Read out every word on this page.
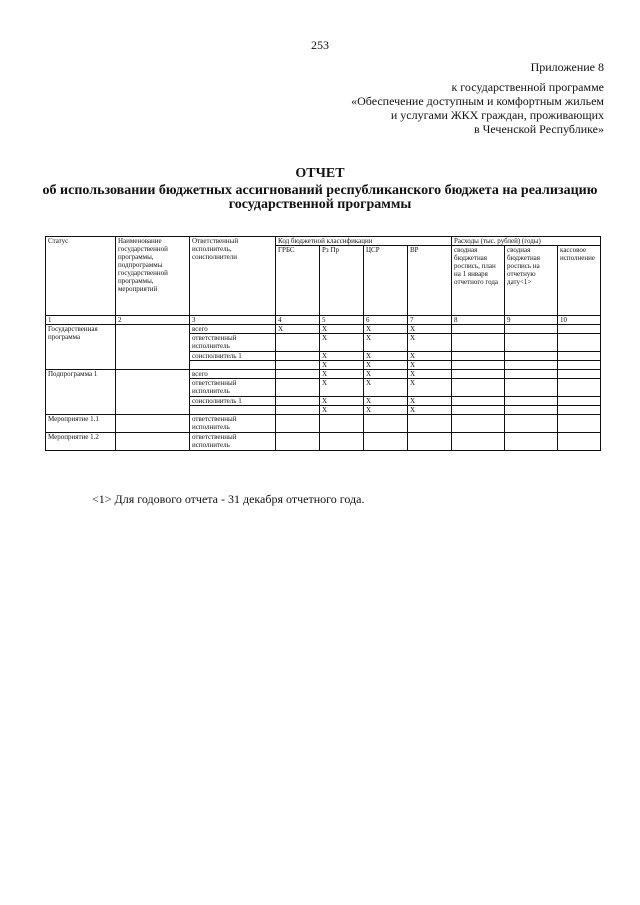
253
Приложение 8
к государственной программе
«Обеспечение доступным и комфортным жильем
и услугами ЖКХ граждан, проживающих
в Чеченской Республике»
ОТЧЕТ
об использовании бюджетных ассигнований республиканского бюджета на реализацию государственной программы
Статус	Наименование государственной программы, подпрограммы государственной программы, мероприятий	Ответственный исполнитель, соисполнители	Код бюджетной классификации				Расходы (тыс. рублей) (годы)		
			ГРБС	Рз Пр	ЦСР	ВР	сводная бюджетная роспись, план на 1 января отчетного года	сводная бюджетная роспись на отчетную дату<1>	кассовое исполнение
1	2	3	4	5	6	7	8	9	10
Государственная программа		всего	X	X	X	X			
		ответственный исполнитель		X	X	X			
		соисполнитель 1		X	X	X			
				X	X	X			
Подпрограмма 1		всего		X	X	X			
		ответственный исполнитель		X	X	X			
		соисполнитель 1		X	X	X			
				X	X	X			
Мероприятие 1.1		ответственный исполнитель							
Мероприятие 1.2		ответственный исполнитель							
<1> Для годового отчета - 31 декабря отчетного года.
